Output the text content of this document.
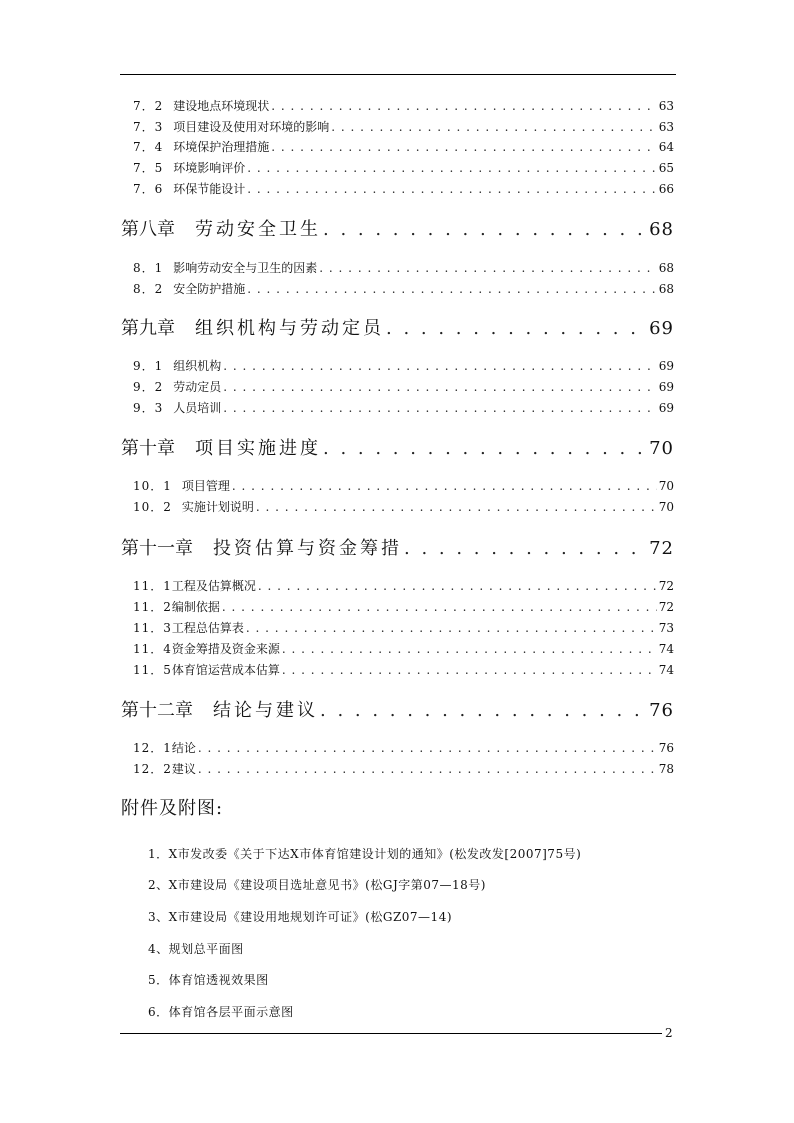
7．2 建设地点环境现状 . . .	63
7．3 项目建设及使用对环境的影响 . . .	63
7．4 环境保护治理措施 . . .	64
7．5 环境影响评价 . . .	65
7．6 环保节能设计 . . .	66
第八章 劳动安全卫生 . . .	68
8．1 影响劳动安全与卫生的因素 . . .	68
8．2 安全防护措施 . . .	68
第九章 组织机构与劳动定员 . . .	69
9．1 组织机构 . . .	69
9．2 劳动定员 . . .	69
9．3 人员培训 . . .	69
第十章 项目实施进度 . . .	70
10．1 项目管理 . . .	70
10．2 实施计划说明 . . .	70
第十一章 投资估算与资金筹措 . . .	72
11．1 工程及估算概况 . . .	72
11．2 编制依据 . . .	72
11．3 工程总估算表 . . .	73
11．4 资金筹措及资金来源 . . .	74
11．5 体育馆运营成本估算 . . .	74
第十二章 结论与建议 . . .	76
12．1 结论 . . .	76
12．2 建议 . . .	78
附件及附图:
1．X市发改委《关于下达X市体育馆建设计划的通知》(松发改发[2007]75号)
2、X市建设局《建设项目选址意见书》(松GJ字第07—18号)
3、X市建设局《建设用地规划许可证》(松GZ07—14)
4、规划总平面图
5．体育馆透视效果图
6．体育馆各层平面示意图
2
